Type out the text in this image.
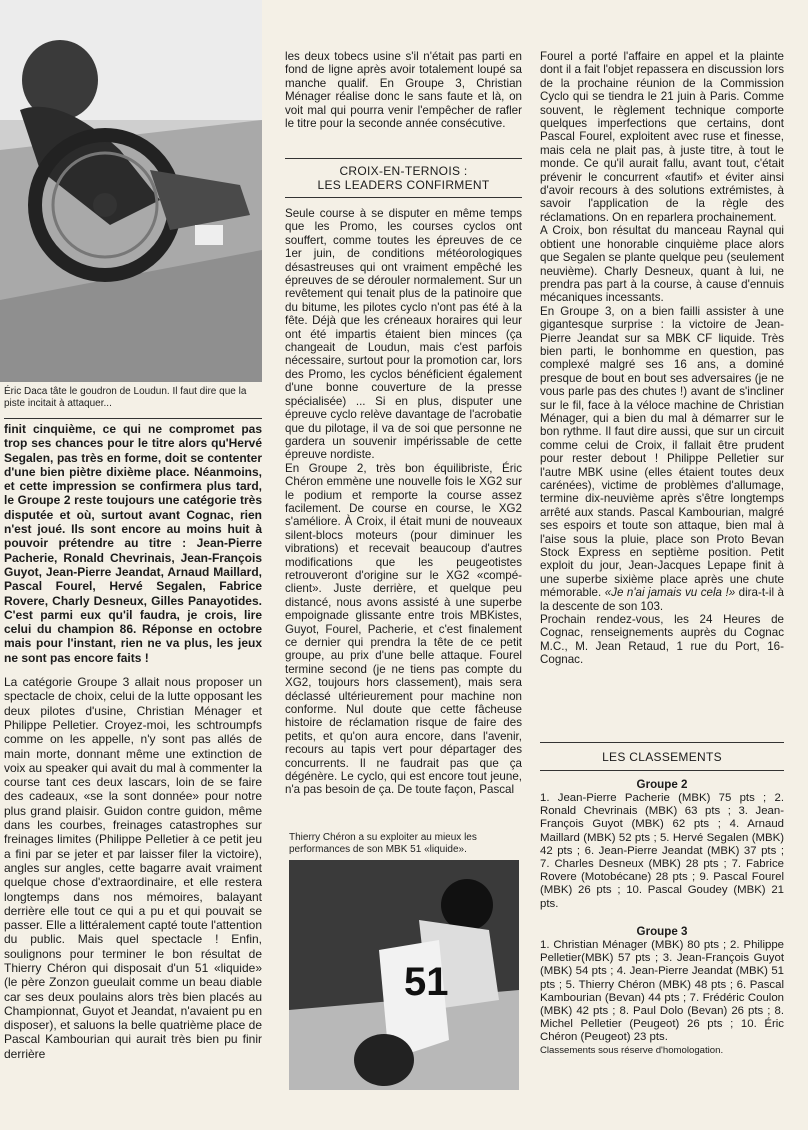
Éric Daca tâte le goudron de Loudun. Il faut dire que la piste incitait à attaquer...

finit cinquième, ce qui ne compromet pas trop ses chances pour le titre alors qu'Hervé Segalen, pas très en forme, doit se contenter d'une bien piètre dixième place. Néanmoins, et cette impression se confirmera plus tard, le Groupe 2 reste toujours une catégorie très disputée et où, surtout avant Cognac, rien n'est joué. Ils sont encore au moins huit à pouvoir prétendre au titre : Jean-Pierre Pacherie, Ronald Chevrinais, Jean-François Guyot, Jean-Pierre Jeandat, Arnaud Maillard, Pascal Fourel, Hervé Segalen, Fabrice Rovere, Charly Desneux, Gilles Panayotides. C'est parmi eux qu'il faudra, je crois, lire celui du champion 86. Réponse en octobre mais pour l'instant, rien ne va plus, les jeux ne sont pas encore faits !

La catégorie Groupe 3 allait nous proposer un spectacle de choix, celui de la lutte opposant les deux pilotes d'usine, Christian Ménager et Philippe Pelletier. Croyez-moi, les schtroumpfs comme on les appelle, n'y sont pas allés de main morte, donnant même une extinction de voix au speaker qui avait du mal à commenter la course tant ces deux lascars, loin de se faire des cadeaux, «se la sont donnée» pour notre plus grand plaisir. Guidon contre guidon, même dans les courbes, freinages catastrophes sur freinages limites (Philippe Pelletier à ce petit jeu a fini par se jeter et par laisser filer la victoire), angles sur angles, cette bagarre avait vraiment quelque chose d'extraordinaire, et elle restera longtemps dans nos mémoires, balayant derrière elle tout ce qui a pu et qui pouvait se passer. Elle a littéralement capté toute l'attention du public. Mais quel spectacle ! Enfin, soulignons pour terminer le bon résultat de Thierry Chéron qui disposait d'un 51 «liquide» (le père Zonzon gueulait comme un beau diable car ses deux poulains alors très bien placés au Championnat, Guyot et Jeandat, n'avaient pu en disposer), et saluons la belle quatrième place de Pascal Kambourian qui aurait très bien pu finir derrière

les deux tobecs usine s'il n'était pas parti en fond de ligne après avoir totalement loupé sa manche qualif. En Groupe 3, Christian Ménager réalise donc le sans faute et là, on voit mal qui pourra venir l'empêcher de rafler le titre pour la seconde année consécutive.

CROIX-EN-TERNOIS :
LES LEADERS CONFIRMENT

Seule course à se disputer en même temps que les Promo, les courses cyclos ont souffert, comme toutes les épreuves de ce 1er juin, de conditions météorologiques désastreuses qui ont vraiment empêché les épreuves de se dérouler normalement. Sur un revêtement qui tenait plus de la patinoire que du bitume, les pilotes cyclo n'ont pas été à la fête. Déjà que les créneaux horaires qui leur ont été impartis étaient bien minces (ça changeait de Loudun, mais c'est parfois nécessaire, surtout pour la promotion car, lors des Promo, les cyclos bénéficient également d'une bonne couverture de la presse spécialisée) ... Si en plus, disputer une épreuve cyclo relève davantage de l'acrobatie que du pilotage, il va de soi que personne ne gardera un souvenir impérissable de cette épreuve nordiste.

En Groupe 2, très bon équilibriste, Éric Chéron emmène une nouvelle fois le XG2 sur le podium et remporte la course assez facilement. De course en course, le XG2 s'améliore. À Croix, il était muni de nouveaux silent-blocs moteurs (pour diminuer les vibrations) et recevait beaucoup d'autres modifications que les peugeotistes retrouveront d'origine sur le XG2 «compé-client». Juste derrière, et quelque peu distancé, nous avons assisté à une superbe empoignade glissante entre trois MBKistes, Guyot, Fourel, Pacherie, et c'est finalement ce dernier qui prendra la tête de ce petit groupe, au prix d'une belle attaque. Fourel termine second (je ne tiens pas compte du XG2, toujours hors classement), mais sera déclassé ultérieurement pour machine non conforme. Nul doute que cette fâcheuse histoire de réclamation risque de faire des petits, et qu'on aura encore, dans l'avenir, recours au tapis vert pour départager des concurrents. Il ne faudrait pas que ça dégénère. Le cyclo, qui est encore tout jeune, n'a pas besoin de ça. De toute façon, Pascal

Thierry Chéron a su exploiter au mieux les performances de son MBK 51 «liquide».
51

Fourel a porté l'affaire en appel et la plainte dont il a fait l'objet repassera en discussion lors de la prochaine réunion de la Commission Cyclo qui se tiendra le 21 juin à Paris. Comme souvent, le règlement technique comporte quelques imperfections que certains, dont Pascal Fourel, exploitent avec ruse et finesse, mais cela ne plait pas, à juste titre, à tout le monde. Ce qu'il aurait fallu, avant tout, c'était prévenir le concurrent «fautif» et éviter ainsi d'avoir recours à des solutions extrémistes, à savoir l'application de la règle des réclamations. On en reparlera prochainement.

A Croix, bon résultat du manceau Raynal qui obtient une honorable cinquième place alors que Segalen se plante quelque peu (seulement neuvième). Charly Desneux, quant à lui, ne prendra pas part à la course, à cause d'ennuis mécaniques incessants.

En Groupe 3, on a bien failli assister à une gigantesque surprise : la victoire de Jean-Pierre Jeandat sur sa MBK CF liquide. Très bien parti, le bonhomme en question, pas complexé malgré ses 16 ans, a dominé presque de bout en bout ses adversaires (je ne vous parle pas des chutes !) avant de s'incliner sur le fil, face à la véloce machine de Christian Ménager, qui a bien du mal à démarrer sur le bon rythme. Il faut dire aussi, que sur un circuit comme celui de Croix, il fallait être prudent pour rester debout ! Philippe Pelletier sur l'autre MBK usine (elles étaient toutes deux carénées), victime de problèmes d'allumage, termine dix-neuvième après s'être longtemps arrêté aux stands. Pascal Kambourian, malgré ses espoirs et toute son attaque, bien mal à l'aise sous la pluie, place son Proto Bevan Stock Express en septième position. Petit exploit du jour, Jean-Jacques Lepape finit à une superbe sixième place après une chute mémorable. «Je n'ai jamais vu cela !» dira-t-il à la descente de son 103.

Prochain rendez-vous, les 24 Heures de Cognac, renseignements auprès du Cognac M.C., M. Jean Retaud, 1 rue du Port, 16-Cognac.

LES CLASSEMENTS
Groupe 2

1. Jean-Pierre Pacherie (MBK) 75 pts ; 2. Ronald Chevrinais (MBK) 63 pts ; 3. Jean-François Guyot (MBK) 62 pts ; 4. Arnaud Maillard (MBK) 52 pts ; 5. Hervé Segalen (MBK) 42 pts ; 6. Jean-Pierre Jeandat (MBK) 37 pts ; 7. Charles Desneux (MBK) 28 pts ; 7. Fabrice Rovere (Motobécane) 28 pts ; 9. Pascal Fourel (MBK) 26 pts ; 10. Pascal Goudey (MBK) 21 pts.

Groupe 3

1. Christian Ménager (MBK) 80 pts ; 2. Philippe Pelletier(MBK) 57 pts ; 3. Jean-François Guyot (MBK) 54 pts ; 4. Jean-Pierre Jeandat (MBK) 51 pts ; 5. Thierry Chéron (MBK) 48 pts ; 6. Pascal Kambourian (Bevan) 44 pts ; 7. Frédéric Coulon (MBK) 42 pts ; 8. Paul Dolo (Bevan) 26 pts ; 8. Michel Pelletier (Peugeot) 26 pts ; 10. Éric Chéron (Peugeot) 23 pts.

Classements sous réserve d'homologation.
